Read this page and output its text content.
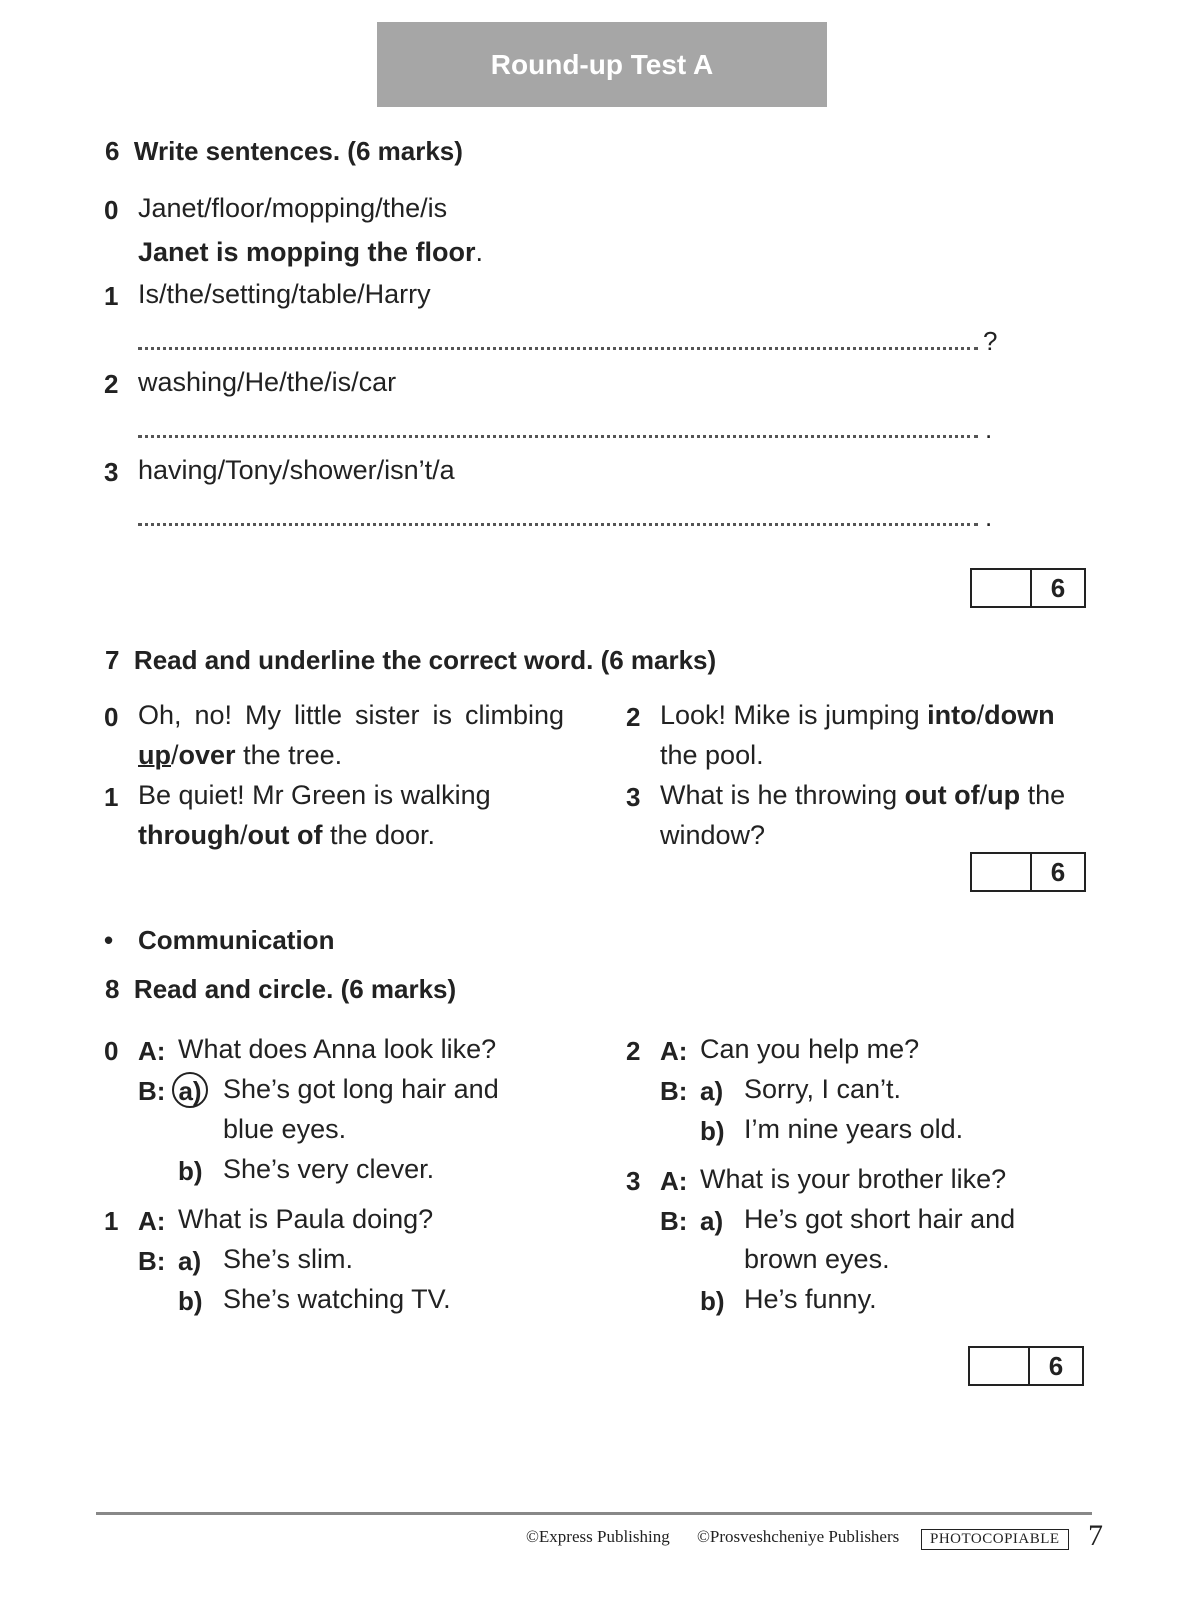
Round-up Test A
6 Write sentences. (6 marks)
0 Janet/floor/mopping/the/is
Janet is mopping the floor.
1 Is/the/setting/table/Harry
?
2 washing/He/the/is/car
.
3 having/Tony/shower/isn’t/a
.
6
7 Read and underline the correct word. (6 marks)
0 Oh, no! My little sister is climbing
up/over the tree.
1 Be quiet! Mr Green is walking
through/out of the door.
2 Look! Mike is jumping into/down
the pool.
3 What is he throwing out of/up the
window?
6
• Communication
8 Read and circle. (6 marks)
0 A: What does Anna look like?
B: a) She’s got long hair and
blue eyes.
b) She’s very clever.
1 A: What is Paula doing?
B: a) She’s slim.
b) She’s watching TV.
2 A: Can you help me?
B: a) Sorry, I can’t.
b) I’m nine years old.
3 A: What is your brother like?
B: a) He’s got short hair and
brown eyes.
b) He’s funny.
6
©Express Publishing ©Prosveshcheniye Publishers	PHOTOCOPIABLE 7
